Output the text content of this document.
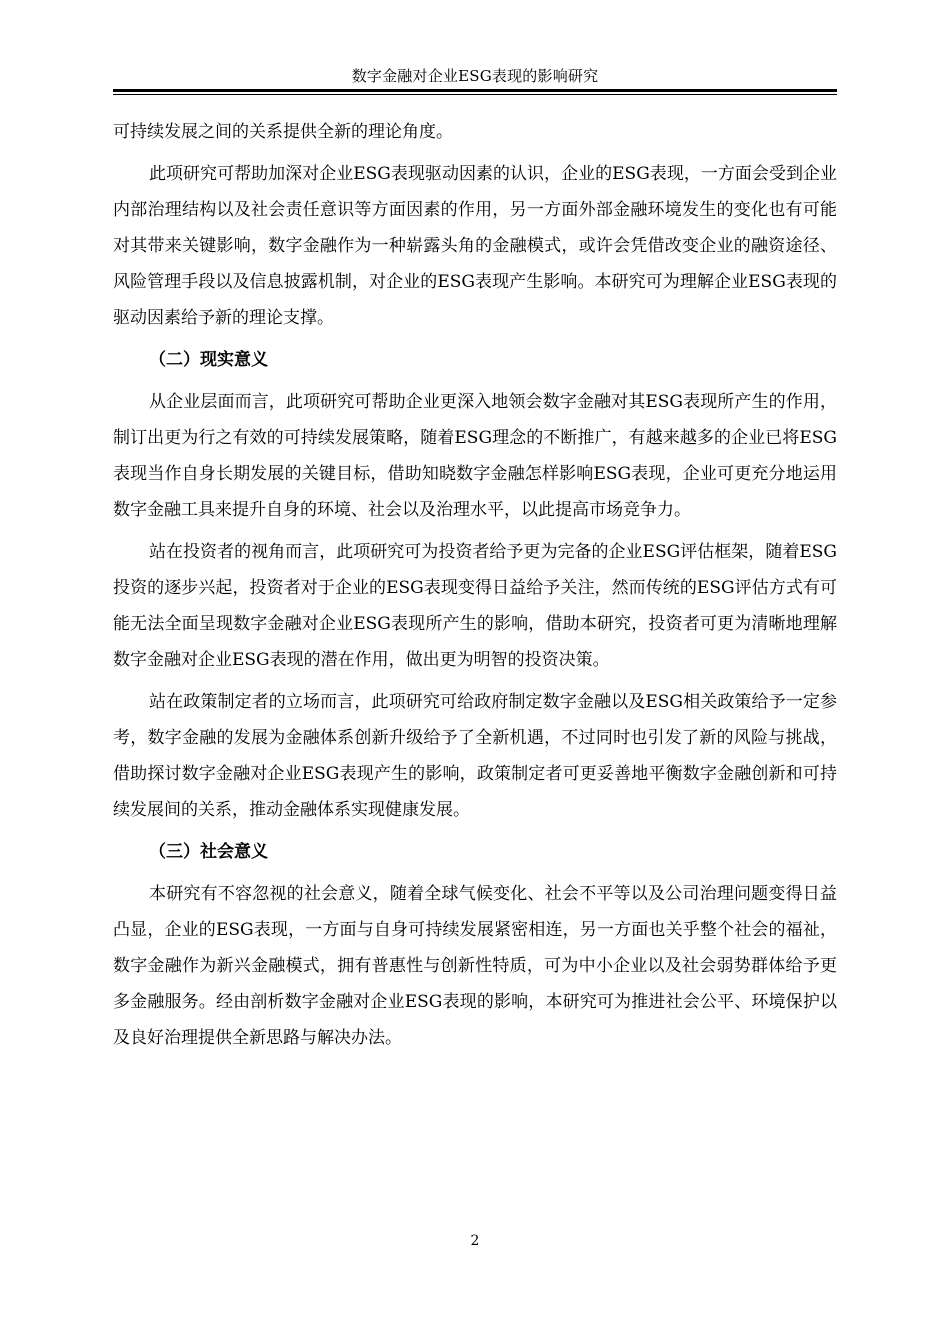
数字金融对企业ESG表现的影响研究

可持续发展之间的关系提供全新的理论角度。

此项研究可帮助加深对企业ESG表现驱动因素的认识，企业的ESG表现，一方面会受到企业内部治理结构以及社会责任意识等方面因素的作用，另一方面外部金融环境发生的变化也有可能对其带来关键影响，数字金融作为一种崭露头角的金融模式，或许会凭借改变企业的融资途径、风险管理手段以及信息披露机制，对企业的ESG表现产生影响。本研究可为理解企业ESG表现的驱动因素给予新的理论支撑。

（二）现实意义

从企业层面而言，此项研究可帮助企业更深入地领会数字金融对其ESG表现所产生的作用，制订出更为行之有效的可持续发展策略，随着ESG理念的不断推广，有越来越多的企业已将ESG表现当作自身长期发展的关键目标，借助知晓数字金融怎样影响ESG表现，企业可更充分地运用数字金融工具来提升自身的环境、社会以及治理水平，以此提高市场竞争力。

站在投资者的视角而言，此项研究可为投资者给予更为完备的企业ESG评估框架，随着ESG投资的逐步兴起，投资者对于企业的ESG表现变得日益给予关注，然而传统的ESG评估方式有可能无法全面呈现数字金融对企业ESG表现所产生的影响，借助本研究，投资者可更为清晰地理解数字金融对企业ESG表现的潜在作用，做出更为明智的投资决策。

站在政策制定者的立场而言，此项研究可给政府制定数字金融以及ESG相关政策给予一定参考，数字金融的发展为金融体系创新升级给予了全新机遇，不过同时也引发了新的风险与挑战，借助探讨数字金融对企业ESG表现产生的影响，政策制定者可更妥善地平衡数字金融创新和可持续发展间的关系，推动金融体系实现健康发展。

（三）社会意义

本研究有不容忽视的社会意义，随着全球气候变化、社会不平等以及公司治理问题变得日益凸显，企业的ESG表现，一方面与自身可持续发展紧密相连，另一方面也关乎整个社会的福祉，数字金融作为新兴金融模式，拥有普惠性与创新性特质，可为中小企业以及社会弱势群体给予更多金融服务。经由剖析数字金融对企业ESG表现的影响，本研究可为推进社会公平、环境保护以及良好治理提供全新思路与解决办法。

2
